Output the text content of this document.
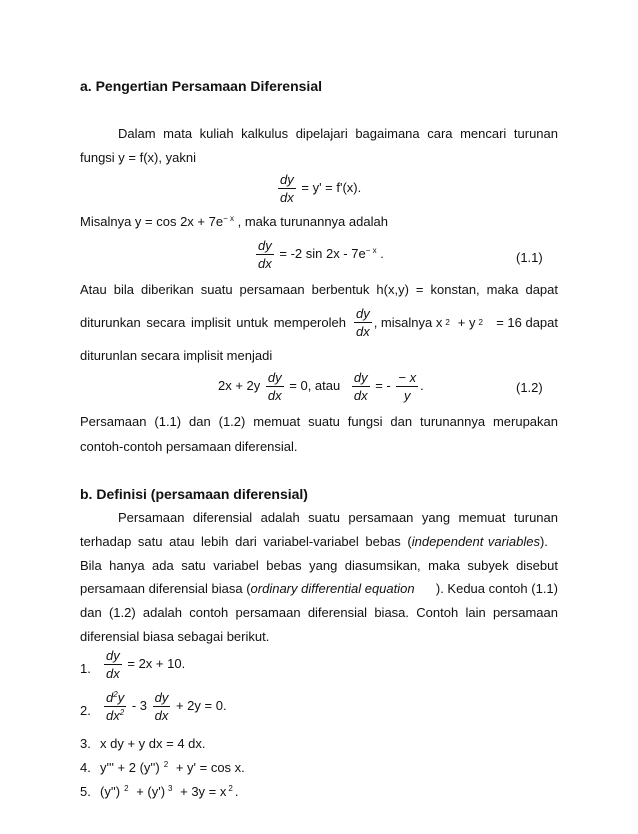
a. Pengertian Persamaan Diferensial
Dalam mata kuliah kalkulus dipelajari bagaimana cara mencari turunan
fungsi y = f(x), yakni
$\frac{dy}{dx} = y' = f'(x)$.
Misalnya $y = \cos 2x + 7e^{- x}$ , maka turunannya adalah
$\frac{dy}{dx} = -2$ $\sin 2x - 7e^{- x}$ .	(1.1)
Atau bila diberikan suatu persamaan berbentuk h(x,y) = konstan, maka dapat
diturunkan secara implisit untuk memperoleh $\frac{dy}{dx}$ , misalnya x 2 + y 2 = 16 dapat
diturunlan secara implisit menjadi
$2x + 2y \frac{dy}{dx} = 0$, atau $\frac{dy}{dx}$ = - $\frac{- x}{y}$ .	(1.2)
Persamaan (1.1) dan (1.2) memuat suatu fungsi dan turunannya merupakan
contoh-contoh persamaan diferensial.
b. Definisi (persamaan diferensial)
Persamaan diferensial adalah suatu persamaan yang memuat turunan
terhadap satu atau lebih dari variabel-variabel bebas ( independent variables ).
Bila hanya ada satu variabel bebas yang diasumsikan, maka subyek disebut
persamaan diferensial biasa ( ordinary differential equation ). Kedua contoh (1.1)
dan (1.2) adalah contoh persamaan diferensial biasa. Contoh lain persamaan
diferensial biasa sebagai berikut.
1. $\frac{dy}{dx} = 2x + 10$.
2. $\frac{d^2y}{dx^2} - 3 \frac{dy}{dx} + 2y = 0$.
3. x dy + y dx = 4 dx.
4. y''' + 2 (y'') $^2$ + y' = cos x.
5. (y'') $^2$ + (y') $^3$ + 3y = x $^2$ .
